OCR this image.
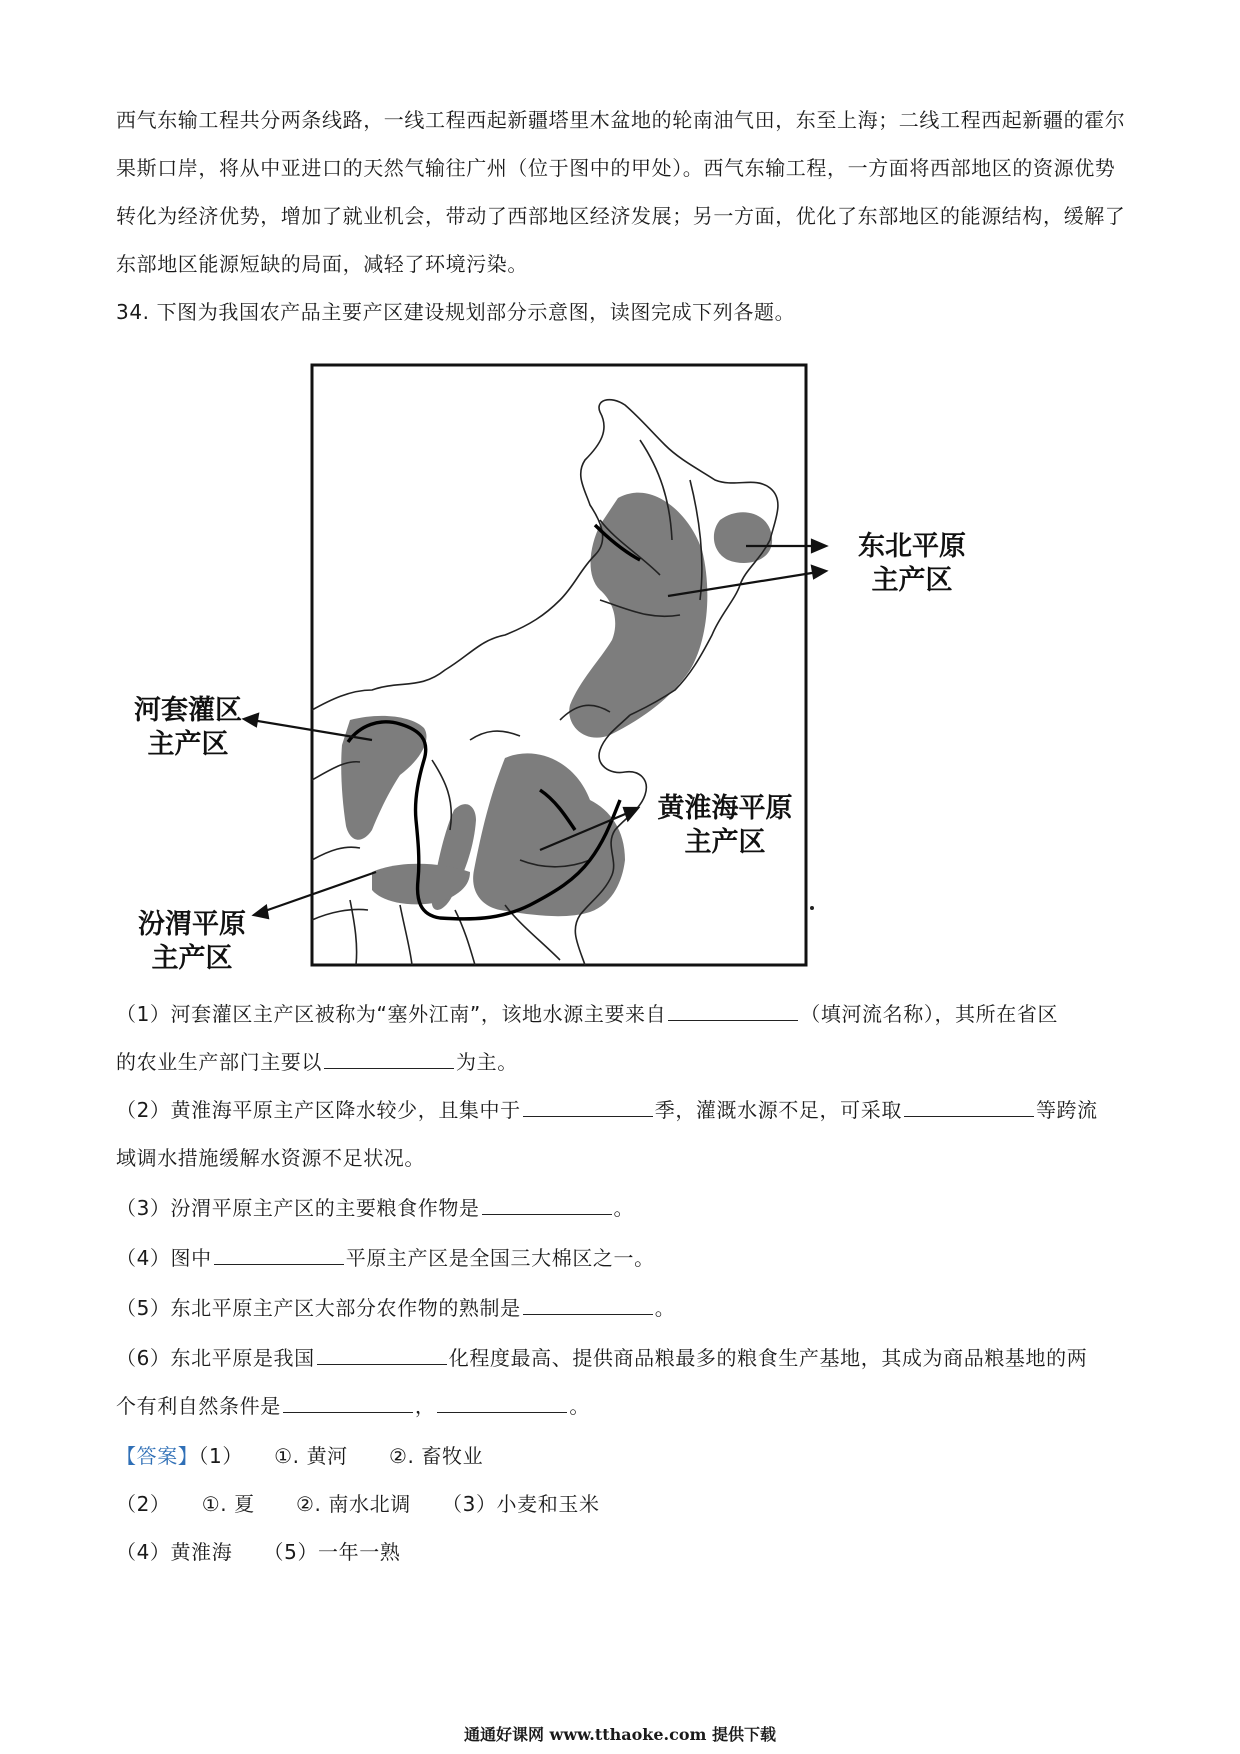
西气东输工程共分两条线路，一线工程西起新疆塔里木盆地的轮南油气田，东至上海；二线工程西起新疆的霍尔果斯口岸，将从中亚进口的天然气输往广州（位于图中的甲处）。西气东输工程，一方面将西部地区的资源优势转化为经济优势，增加了就业机会，带动了西部地区经济发展；另一方面，优化了东部地区的能源结构，缓解了东部地区能源短缺的局面，减轻了环境污染。
34. 下图为我国农产品主要产区建设规划部分示意图，读图完成下列各题。
东北平原
主产区
河套灌区
主产区
黄淮海平原
主产区
汾渭平原
主产区
（1）河套灌区主产区被称为“塞外江南”，该地水源主要来自	（填河流名称），其所在省区
的农业生产部门主要以	为主。
（2）黄淮海平原主产区降水较少，且集中于	季，灌溉水源不足，可采取	等跨流
域调水措施缓解水资源不足状况。
（3）汾渭平原主产区的主要粮食作物是	。
（4）图中	平原主产区是全国三大棉区之一。
（5）东北平原主产区大部分农作物的熟制是	。
（6）东北平原是我国	化程度最高、提供商品粮最多的粮食生产基地，其成为商品粮基地的两
个有利自然条件是	，	。
【答案】（1）　　①. 黄河　　②. 畜牧业
（2）　　①. 夏　　②. 南水北调　　（3）小麦和玉米
（4）黄淮海　　（5）一年一熟
通通好课网 www.tthaoke.com 提供下载
